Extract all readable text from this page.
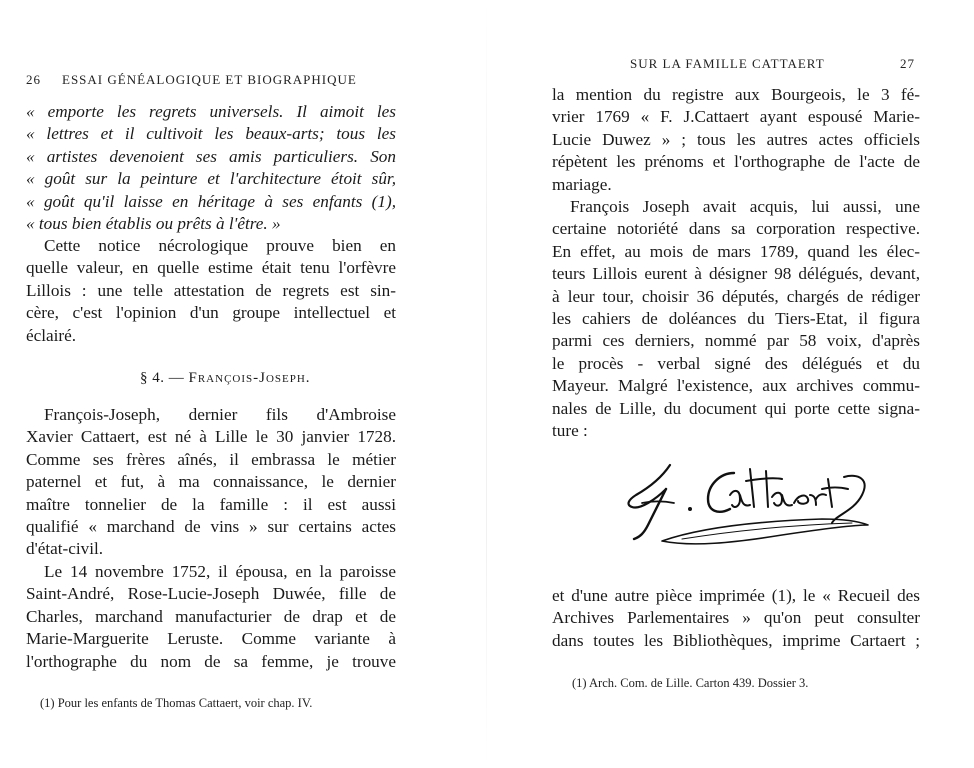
26 ESSAI GÉNÉALOGIQUE ET BIOGRAPHIQUE
« emporte les regrets universels. Il aimoit les
« lettres et il cultivoit les beaux-arts; tous les
« artistes devenoient ses amis particuliers. Son
« goût sur la peinture et l'architecture étoit sûr,
« goût qu'il laisse en héritage à ses enfants (1),
« tous bien établis ou prêts à l'être. »
Cette notice nécrologique prouve bien en
quelle valeur, en quelle estime était tenu l'orfèvre
Lillois : une telle attestation de regrets est sin-
cère, c'est l'opinion d'un groupe intellectuel et
éclairé.
§ 4. — François-Joseph.
François-Joseph, dernier fils d'Ambroise
Xavier Cattaert, est né à Lille le 30 janvier 1728.
Comme ses frères aînés, il embrassa le métier
paternel et fut, à ma connaissance, le dernier
maître tonnelier de la famille : il est aussi
qualifié « marchand de vins » sur certains actes
d'état-civil.
Le 14 novembre 1752, il épousa, en la paroisse
Saint-André, Rose-Lucie-Joseph Duwée, fille de
Charles, marchand manufacturier de drap et de
Marie-Marguerite Leruste. Comme variante à
l'orthographe du nom de sa femme, je trouve
(1) Pour les enfants de Thomas Cattaert, voir chap. IV.
SUR LA FAMILLE CATTAERT	27
la mention du registre aux Bourgeois, le 3 fé-
vrier 1769 « F. J.Cattaert ayant espousé Marie-
Lucie Duwez » ; tous les autres actes officiels
répètent les prénoms et l'orthographe de l'acte de
mariage.
François Joseph avait acquis, lui aussi, une
certaine notoriété dans sa corporation respective.
En effet, au mois de mars 1789, quand les élec-
teurs Lillois eurent à désigner 98 délégués, devant,
à leur tour, choisir 36 députés, chargés de rédiger
les cahiers de doléances du Tiers-Etat, il figura
parmi ces derniers, nommé par 58 voix, d'après
le procès - verbal signé des délégués et du
Mayeur. Malgré l'existence, aux archives commu-
nales de Lille, du document qui porte cette signa-
ture :
et d'une autre pièce imprimée (1), le « Recueil des
Archives Parlementaires » qu'on peut consulter
dans toutes les Bibliothèques, imprime Cartaert ;
(1) Arch. Com. de Lille. Carton 439. Dossier 3.
